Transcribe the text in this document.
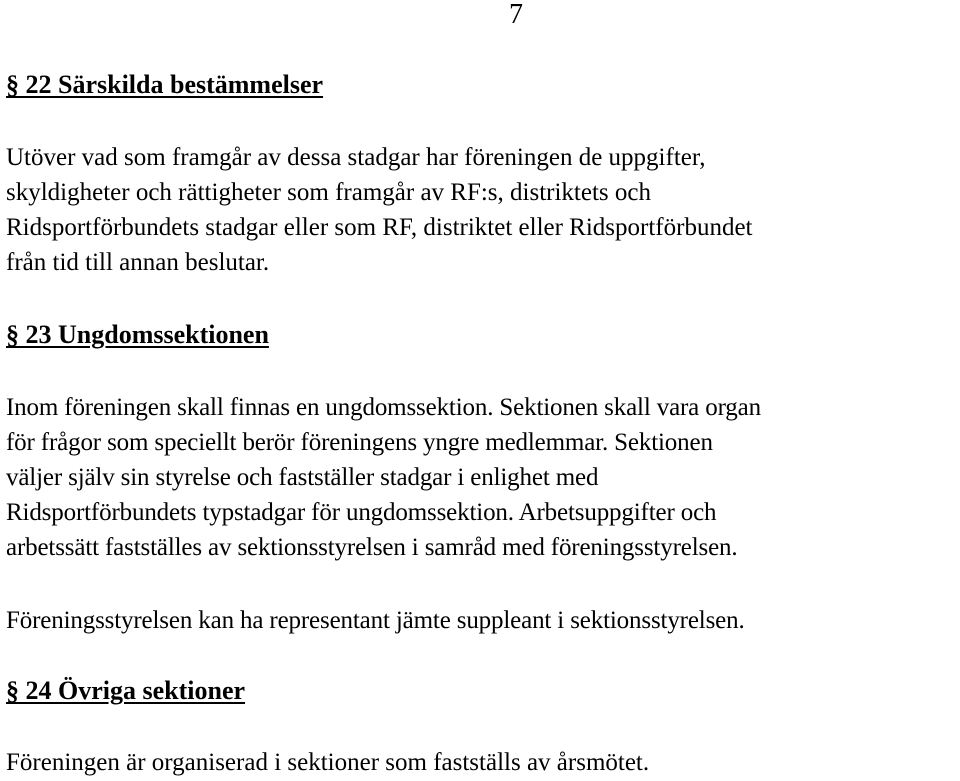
7
§ 22 Särskilda bestämmelser
Utöver vad som framgår av dessa stadgar har föreningen de uppgifter,
skyldigheter och rättigheter som framgår av RF:s, distriktets och
Ridsportförbundets stadgar eller som RF, distriktet eller Ridsportförbundet
från tid till annan beslutar.
§ 23 Ungdomssektionen
Inom föreningen skall finnas en ungdomssektion. Sektionen skall vara organ
för frågor som speciellt berör föreningens yngre medlemmar. Sektionen
väljer själv sin styrelse och fastställer stadgar i enlighet med
Ridsportförbundets typstadgar för ungdomssektion. Arbetsuppgifter och
arbetssätt fastställes av sektionsstyrelsen i samråd med föreningsstyrelsen.
Föreningsstyrelsen kan ha representant jämte suppleant i sektionsstyrelsen.
§ 24 Övriga sektioner
Föreningen är organiserad i sektioner som fastställs av årsmötet.
